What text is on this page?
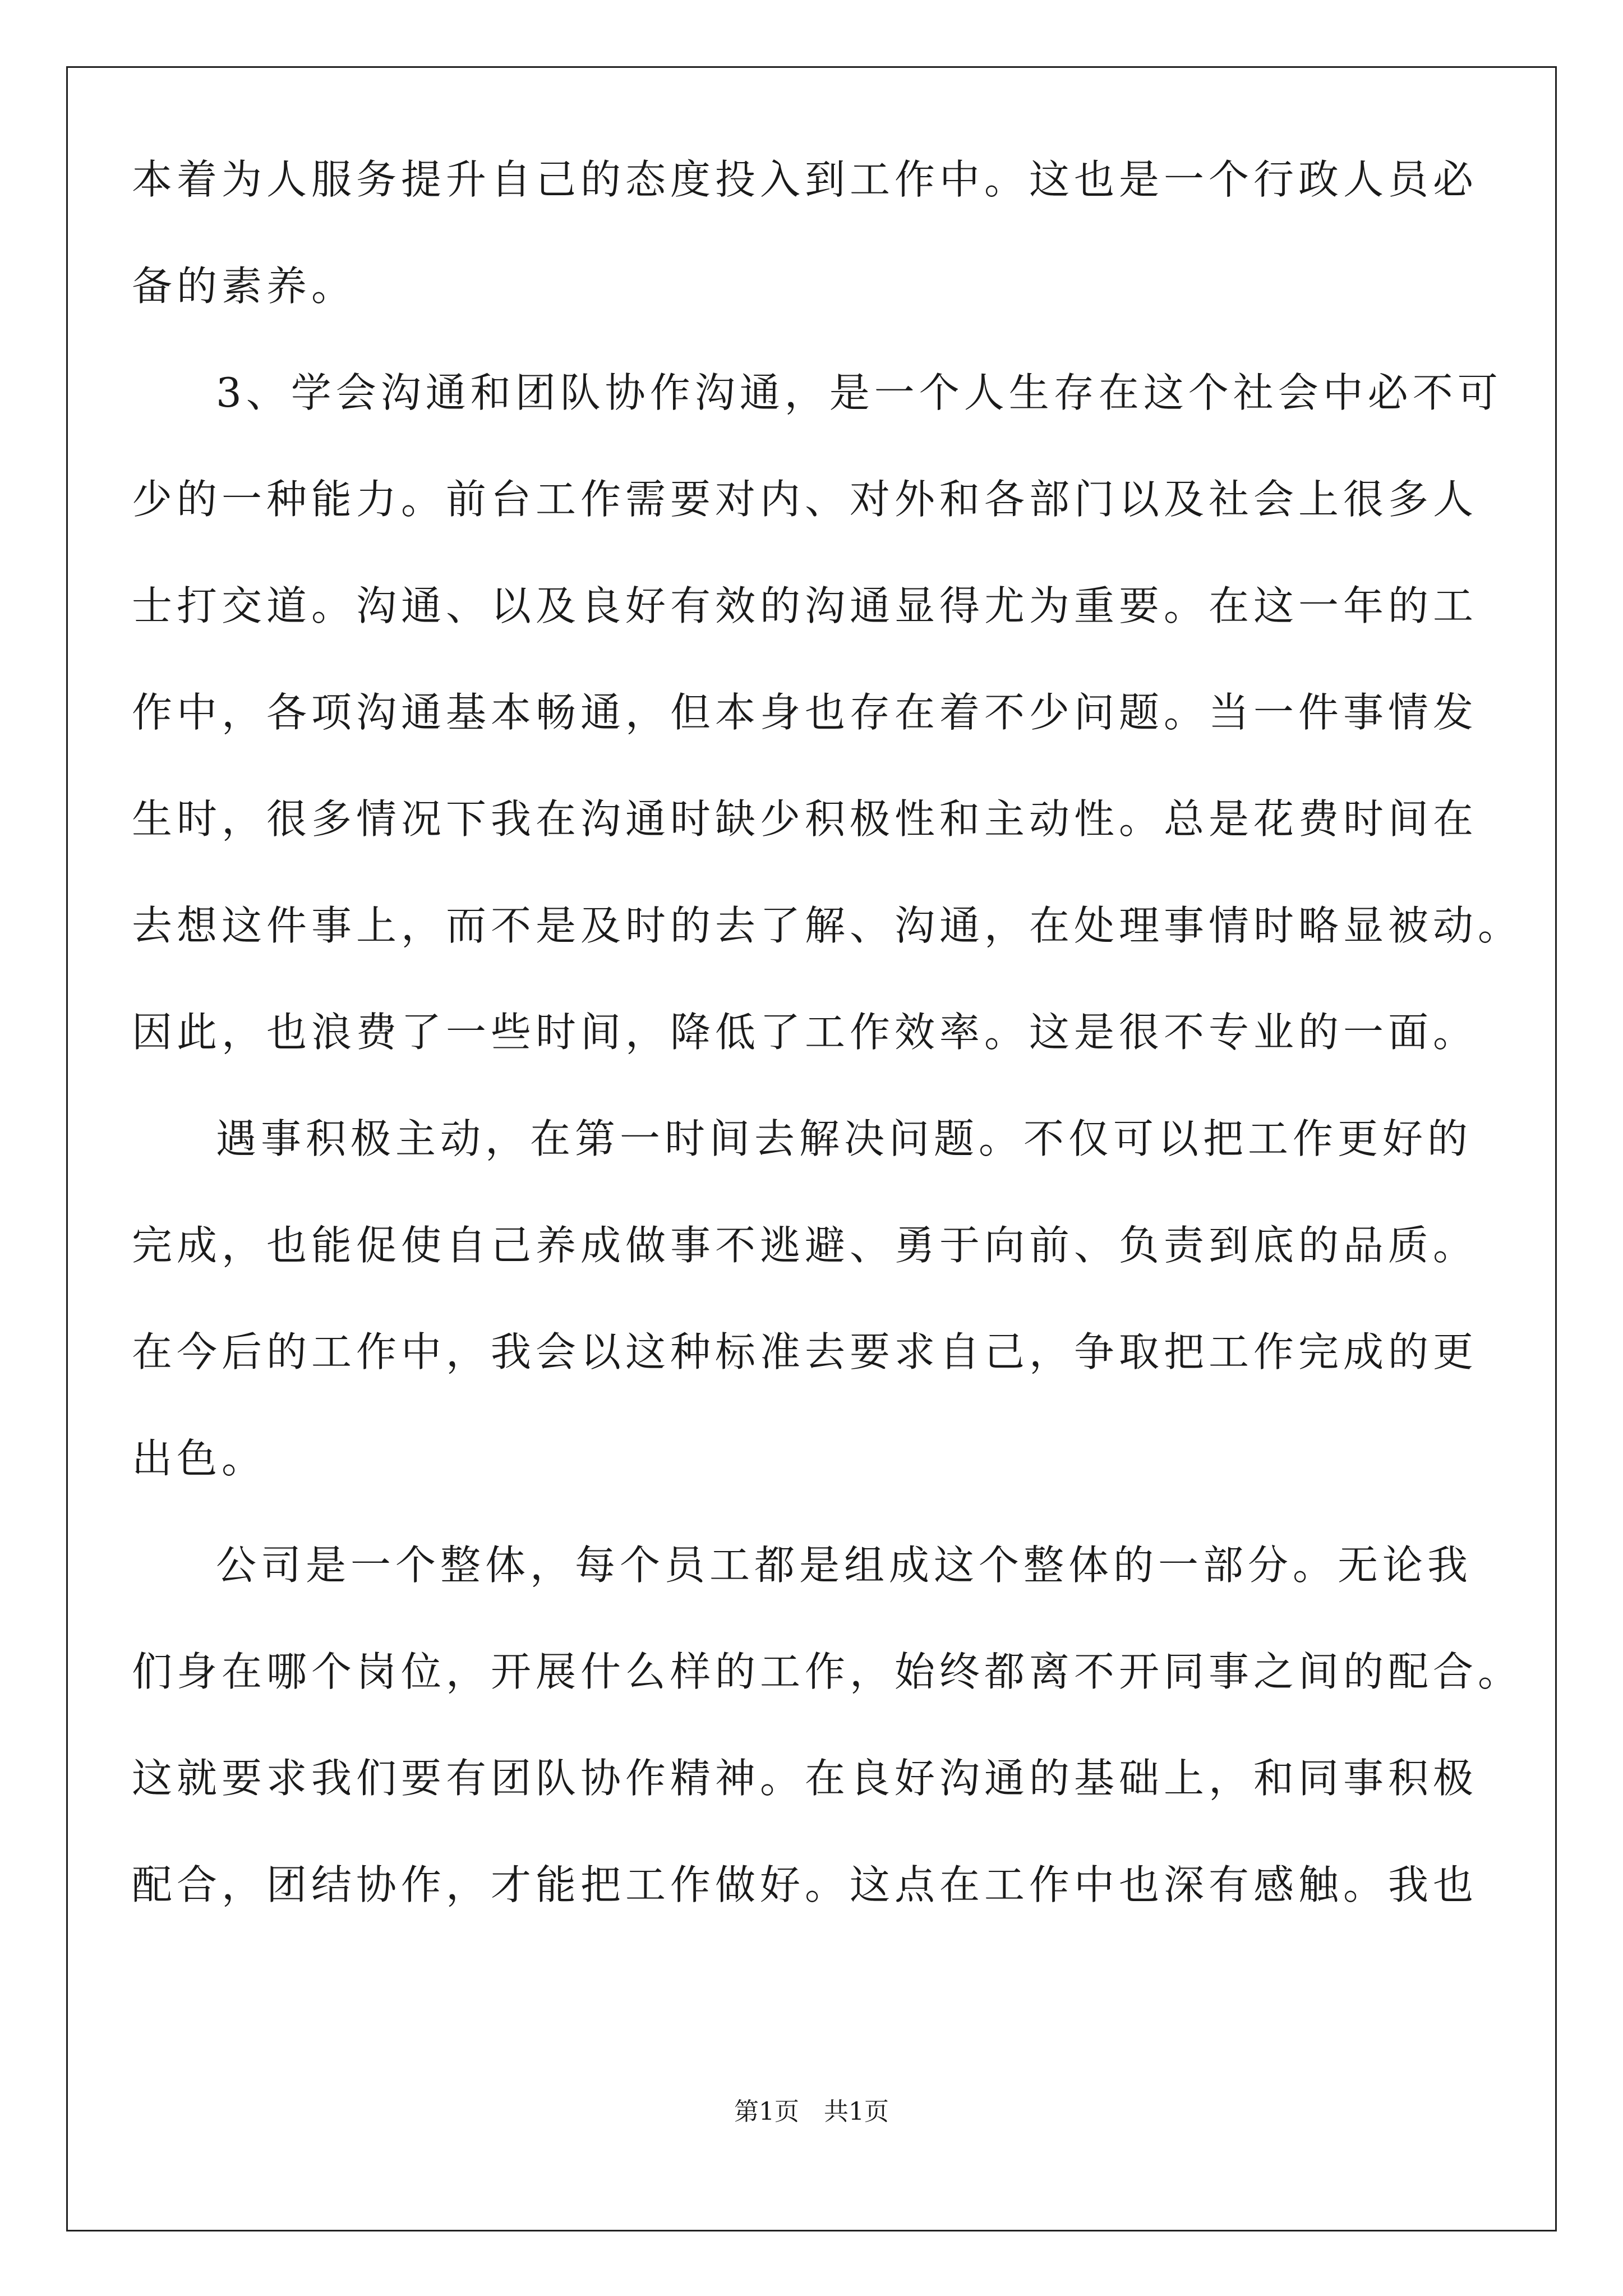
本着为人服务提升自己的态度投入到工作中。这也是一个行政人员必
备的素养。
3、学会沟通和团队协作沟通，是一个人生存在这个社会中必不可
少的一种能力。前台工作需要对内、对外和各部门以及社会上很多人
士打交道。沟通、以及良好有效的沟通显得尤为重要。在这一年的工
作中，各项沟通基本畅通，但本身也存在着不少问题。当一件事情发
生时，很多情况下我在沟通时缺少积极性和主动性。总是花费时间在
去想这件事上，而不是及时的去了解、沟通，在处理事情时略显被动。
因此，也浪费了一些时间，降低了工作效率。这是很不专业的一面。
遇事积极主动，在第一时间去解决问题。不仅可以把工作更好的
完成，也能促使自己养成做事不逃避、勇于向前、负责到底的品质。
在今后的工作中，我会以这种标准去要求自己，争取把工作完成的更
出色。
公司是一个整体，每个员工都是组成这个整体的一部分。无论我
们身在哪个岗位，开展什么样的工作，始终都离不开同事之间的配合。
这就要求我们要有团队协作精神。在良好沟通的基础上，和同事积极
配合，团结协作，才能把工作做好。这点在工作中也深有感触。我也
第1页　共1页
